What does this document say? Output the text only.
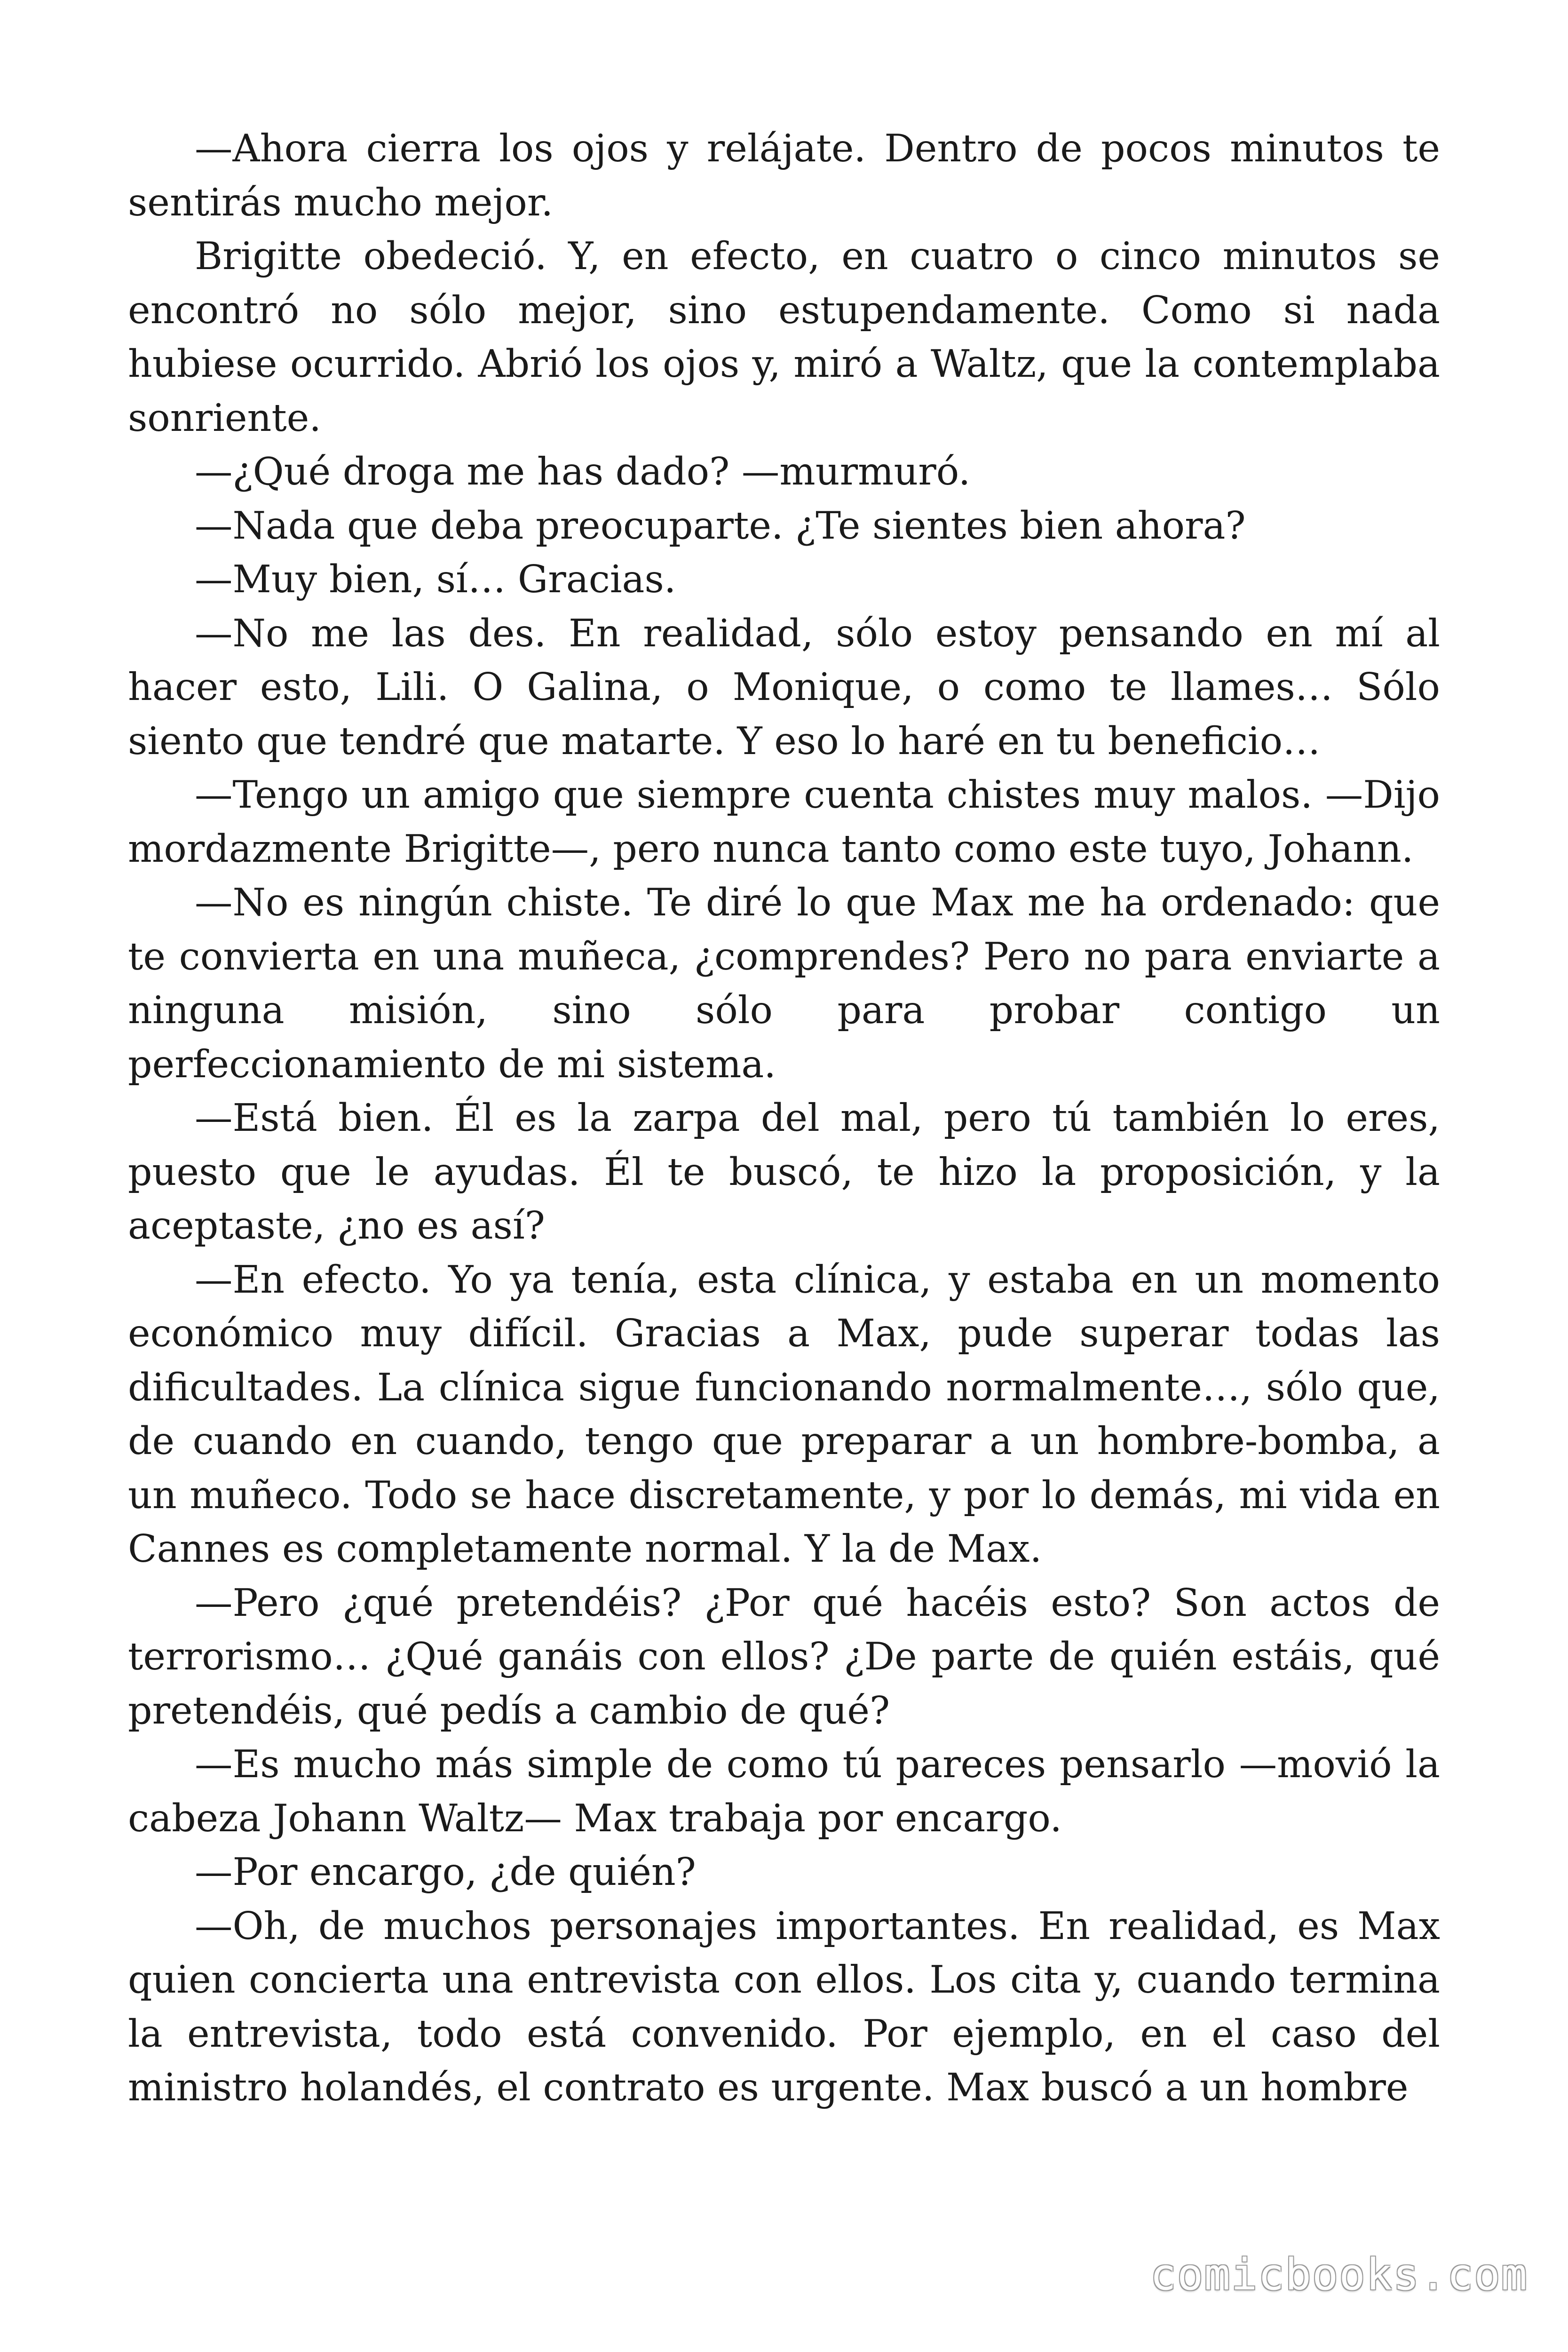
—Ahora cierra los ojos y relájate. Dentro de pocos minutos te sentirás mucho mejor.

Brigitte obedeció. Y, en efecto, en cuatro o cinco minutos se encontró no sólo mejor, sino estupendamente. Como si nada hubiese ocurrido. Abrió los ojos y, miró a Waltz, que la contemplaba sonriente.

—¿Qué droga me has dado? —murmuró.

—Nada que deba preocuparte. ¿Te sientes bien ahora?

—Muy bien, sí… Gracias.

—No me las des. En realidad, sólo estoy pensando en mí al hacer esto, Lili. O Galina, o Monique, o como te llames… Sólo siento que tendré que matarte. Y eso lo haré en tu beneficio…

—Tengo un amigo que siempre cuenta chistes muy malos. —Dijo mordazmente Brigitte—, pero nunca tanto como este tuyo, Johann.

—No es ningún chiste. Te diré lo que Max me ha ordenado: que te convierta en una muñeca, ¿comprendes? Pero no para enviarte a ninguna misión, sino sólo para probar contigo un perfeccionamiento de mi sistema.

—Está bien. Él es la zarpa del mal, pero tú también lo eres, puesto que le ayudas. Él te buscó, te hizo la proposición, y la aceptaste, ¿no es así?

—En efecto. Yo ya tenía, esta clínica, y estaba en un momento económico muy difícil. Gracias a Max, pude superar todas las dificultades. La clínica sigue funcionando normalmente…, sólo que, de cuando en cuando, tengo que preparar a un hombre-bomba, a un muñeco. Todo se hace discretamente, y por lo demás, mi vida en Cannes es completamente normal. Y la de Max.

—Pero ¿qué pretendéis? ¿Por qué hacéis esto? Son actos de terrorismo… ¿Qué ganáis con ellos? ¿De parte de quién estáis, qué pretendéis, qué pedís a cambio de qué?

—Es mucho más simple de como tú pareces pensarlo —movió la cabeza Johann Waltz— Max trabaja por encargo.

—Por encargo, ¿de quién?

—Oh, de muchos personajes importantes. En realidad, es Max quien concierta una entrevista con ellos. Los cita y, cuando termina la entrevista, todo está convenido. Por ejemplo, en el caso del ministro holandés, el contrato es urgente. Max buscó a un hombre

comicbooks.com
